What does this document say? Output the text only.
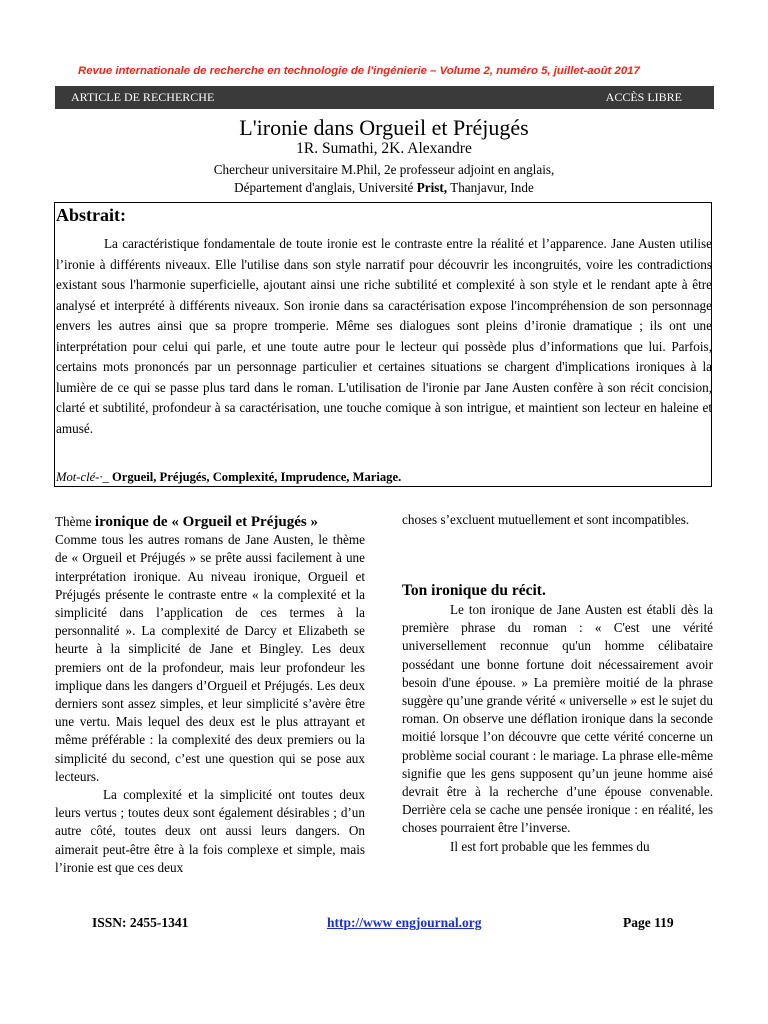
Revue internationale de recherche en technologie de l'ingénierie – Volume 2, numéro 5, juillet-août 2017
ARTICLE DE RECHERCHE	ACCÈS LIBRE
L'ironie dans Orgueil et Préjugés
1R. Sumathi, 2K. Alexandre
Chercheur universitaire M.Phil, 2e professeur adjoint en anglais,
Département d'anglais, Université Prist, Thanjavur, Inde
Abstrait:

La caractéristique fondamentale de toute ironie est le contraste entre la réalité et l’apparence. Jane Austen utilise l’ironie à différents niveaux. Elle l'utilise dans son style narratif pour découvrir les incongruités, voire les contradictions existant sous l'harmonie superficielle, ajoutant ainsi une riche subtilité et complexité à son style et le rendant apte à être analysé et interprété à différents niveaux. Son ironie dans sa caractérisation expose l'incompréhension de son personnage envers les autres ainsi que sa propre tromperie. Même ses dialogues sont pleins d’ironie dramatique ; ils ont une interprétation pour celui qui parle, et une toute autre pour le lecteur qui possède plus d’informations que lui. Parfois, certains mots prononcés par un personnage particulier et certaines situations se chargent d'implications ironiques à la lumière de ce qui se passe plus tard dans le roman. L'utilisation de l'ironie par Jane Austen confère à son récit concision, clarté et subtilité, profondeur à sa caractérisation, une touche comique à son intrigue, et maintient son lecteur en haleine et amusé.

Mot-clé-·_ Orgueil, Préjugés, Complexité, Imprudence, Mariage.

Thème ironique de « Orgueil et Préjugés »

Comme tous les autres romans de Jane Austen, le thème de « Orgueil et Préjugés » se prête aussi facilement à une interprétation ironique. Au niveau ironique, Orgueil et Préjugés présente le contraste entre « la complexité et la simplicité dans l’application de ces termes à la personnalité ». La complexité de Darcy et Elizabeth se heurte à la simplicité de Jane et Bingley. Les deux premiers ont de la profondeur, mais leur profondeur les implique dans les dangers d’Orgueil et Préjugés. Les deux derniers sont assez simples, et leur simplicité s’avère être une vertu. Mais lequel des deux est le plus attrayant et même préférable : la complexité des deux premiers ou la simplicité du second, c’est une question qui se pose aux lecteurs.

La complexité et la simplicité ont toutes deux leurs vertus ; toutes deux sont également désirables ; d’un autre côté, toutes deux ont aussi leurs dangers. On aimerait peut-être être à la fois complexe et simple, mais l’ironie est que ces deux

choses s’excluent mutuellement et sont incompatibles.

Ton ironique du récit.

Le ton ironique de Jane Austen est établi dès la première phrase du roman : « C'est une vérité universellement reconnue qu'un homme célibataire possédant une bonne fortune doit nécessairement avoir besoin d'une épouse. » La première moitié de la phrase suggère qu’une grande vérité « universelle » est le sujet du roman. On observe une déflation ironique dans la seconde moitié lorsque l’on découvre que cette vérité concerne un problème social courant : le mariage. La phrase elle-même signifie que les gens supposent qu’un jeune homme aisé devrait être à la recherche d’une épouse convenable. Derrière cela se cache une pensée ironique : en réalité, les choses pourraient être l’inverse.

Il est fort probable que les femmes du

ISSN: 2455-1341	http://www engjournal.org	Page 119
